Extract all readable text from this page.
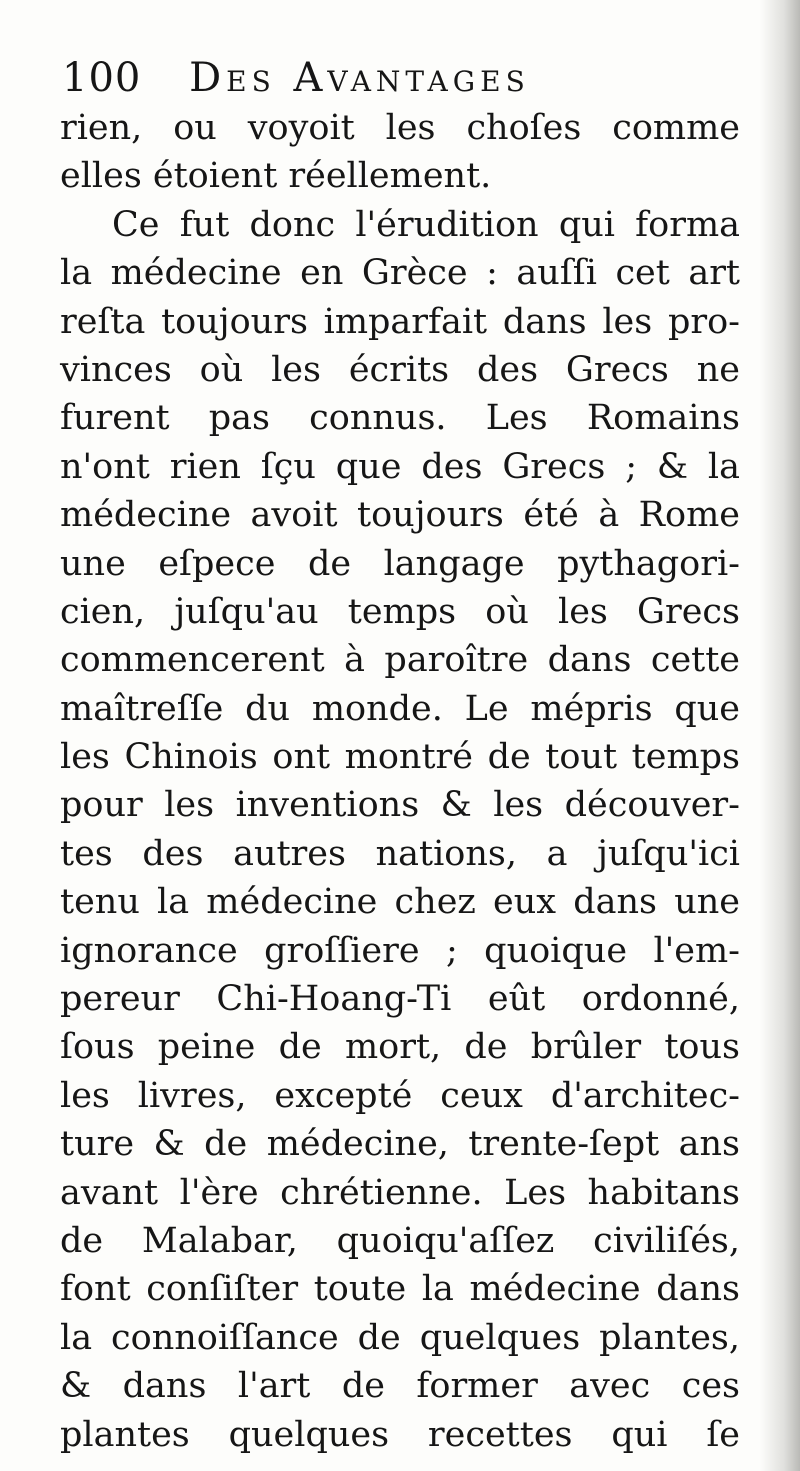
100 Des Avantages
rien, ou voyoit les choſes comme
elles étoient réellement.
Ce fut donc l'érudition qui forma
la médecine en Grèce : auſſi cet art
reſta toujours imparfait dans les pro-
vinces où les écrits des Grecs ne
furent pas connus. Les Romains
n'ont rien ſçu que des Grecs ; & la
médecine avoit toujours été à Rome
une eſpece de langage pythagori-
cien, juſqu'au temps où les Grecs
commencerent à paroître dans cette
maîtreſſe du monde. Le mépris que
les Chinois ont montré de tout temps
pour les inventions & les découver-
tes des autres nations, a juſqu'ici
tenu la médecine chez eux dans une
ignorance groſſiere ; quoique l'em-
pereur Chi-Hoang-Ti eût ordonné,
ſous peine de mort, de brûler tous
les livres, excepté ceux d'architec-
ture & de médecine, trente-ſept ans
avant l'ère chrétienne. Les habitans
de Malabar, quoiqu'aſſez civiliſés,
font conſiſter toute la médecine dans
la connoiſſance de quelques plantes,
& dans l'art de former avec ces
plantes quelques recettes qui ſe
